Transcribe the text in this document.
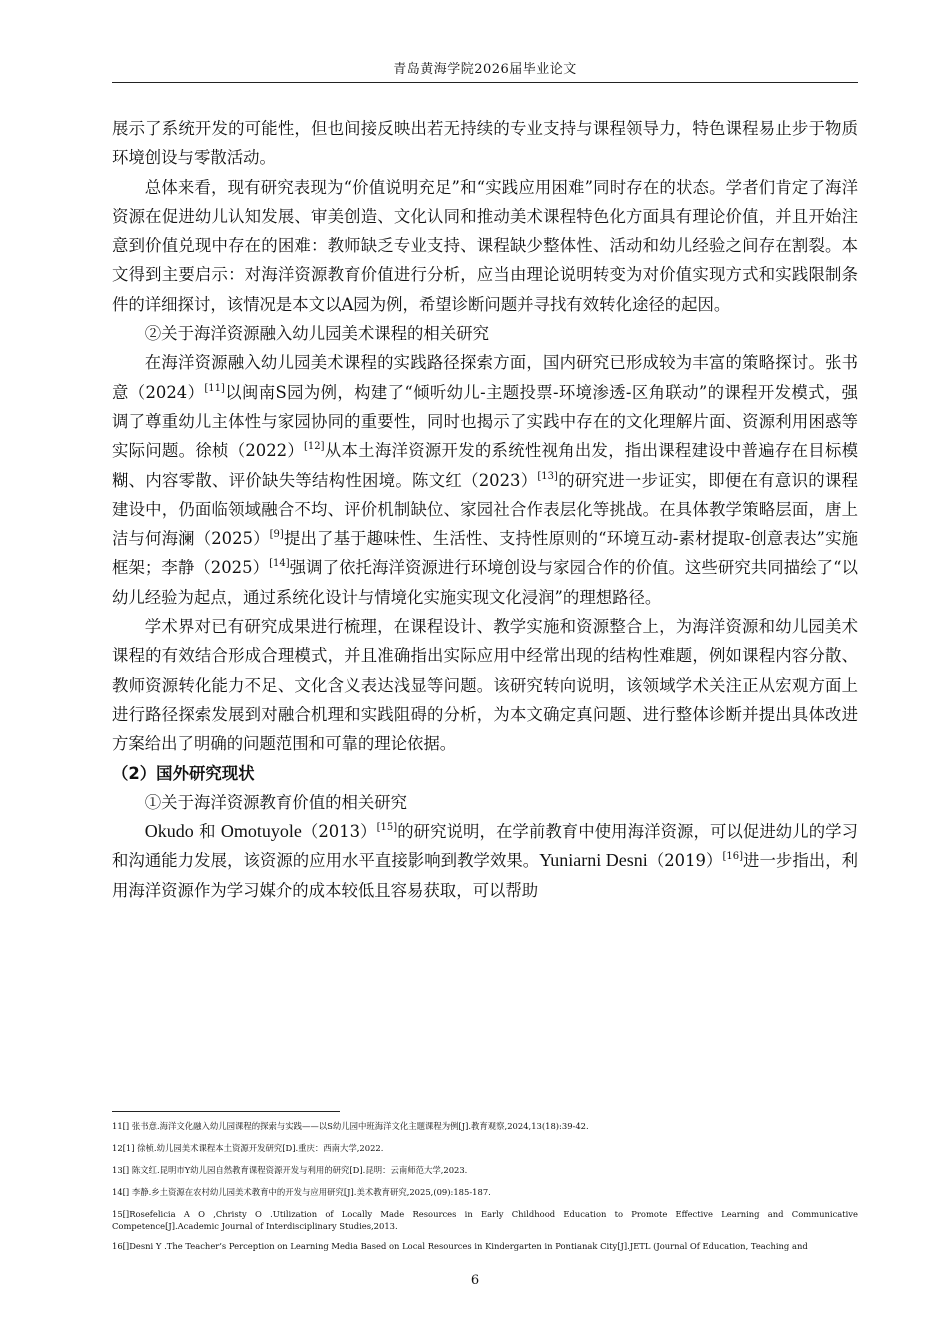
青岛黄海学院2026届毕业论文

展示了系统开发的可能性，但也间接反映出若无持续的专业支持与课程领导力，特色课程易止步于物质环境创设与零散活动。

总体来看，现有研究表现为“价值说明充足”和“实践应用困难”同时存在的状态。学者们肯定了海洋资源在促进幼儿认知发展、审美创造、文化认同和推动美术课程特色化方面具有理论价值，并且开始注意到价值兑现中存在的困难：教师缺乏专业支持、课程缺少整体性、活动和幼儿经验之间存在割裂。本文得到主要启示：对海洋资源教育价值进行分析，应当由理论说明转变为对价值实现方式和实践限制条件的详细探讨，该情况是本文以A园为例，希望诊断问题并寻找有效转化途径的起因。

②关于海洋资源融入幼儿园美术课程的相关研究

在海洋资源融入幼儿园美术课程的实践路径探索方面，国内研究已形成较为丰富的策略探讨。张书意（2024）[11]以闽南S园为例，构建了“倾听幼儿-主题投票-环境渗透-区角联动”的课程开发模式，强调了尊重幼儿主体性与家园协同的重要性，同时也揭示了实践中存在的文化理解片面、资源利用困惑等实际问题。徐桢（2022）[12]从本土海洋资源开发的系统性视角出发，指出课程建设中普遍存在目标模糊、内容零散、评价缺失等结构性困境。陈文红（2023）[13]的研究进一步证实，即便在有意识的课程建设中，仍面临领域融合不均、评价机制缺位、家园社合作表层化等挑战。在具体教学策略层面，唐上洁与何海澜（2025）[9]提出了基于趣味性、生活性、支持性原则的“环境互动-素材提取-创意表达”实施框架；李静（2025）[14]强调了依托海洋资源进行环境创设与家园合作的价值。这些研究共同描绘了“以幼儿经验为起点，通过系统化设计与情境化实施实现文化浸润”的理想路径。

学术界对已有研究成果进行梳理，在课程设计、教学实施和资源整合上，为海洋资源和幼儿园美术课程的有效结合形成合理模式，并且准确指出实际应用中经常出现的结构性难题，例如课程内容分散、教师资源转化能力不足、文化含义表达浅显等问题。该研究转向说明，该领域学术关注正从宏观方面上进行路径探索发展到对融合机理和实践阻碍的分析，为本文确定真问题、进行整体诊断并提出具体改进方案给出了明确的问题范围和可靠的理论依据。

（2）国外研究现状

①关于海洋资源教育价值的相关研究

Okudo 和 Omotuyole（2013）[15]的研究说明，在学前教育中使用海洋资源，可以促进幼儿的学习和沟通能力发展，该资源的应用水平直接影响到教学效果。Yuniarni Desni（2019）[16]进一步指出，利用海洋资源作为学习媒介的成本较低且容易获取，可以帮助

11[] 张书意.海洋文化融入幼儿园课程的探索与实践——以S幼儿园中班海洋文化主题课程为例[J].教育观察,2024,13(18):39-42.

12[1] 徐桢.幼儿园美术课程本土资源开发研究[D].重庆：西南大学,2022.

13[] 陈文红.昆明市Y幼儿园自然教育课程资源开发与利用的研究[D].昆明：云南师范大学,2023.

14[] 李静.乡土资源在农村幼儿园美术教育中的开发与应用研究[J].美术教育研究,2025,(09):185-187.

15[]Rosefelicia A O ,Christy O .Utilization of Locally Made Resources in Early Childhood Education to Promote Effective Learning and Communicative Competence[J].Academic Journal of Interdisciplinary Studies,2013.

16[]Desni Y .The Teacher’s Perception on Learning Media Based on Local Resources in Kindergarten in Pontianak City[J].JETL (Journal Of Education, Teaching and

6
